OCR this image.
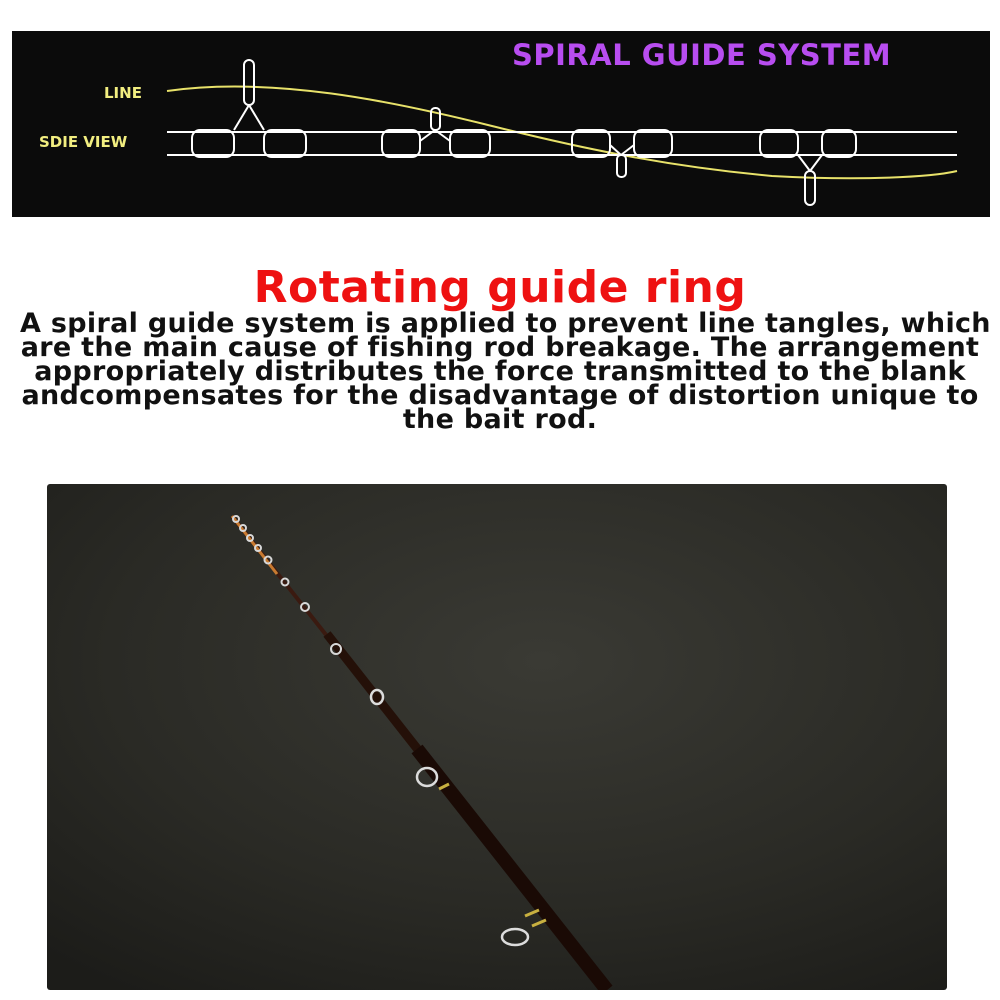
SPIRAL GUIDE SYSTEM
LINE
SDIE VIEW
Rotating guide ring
A spiral guide system is applied to prevent line tangles, which
are the main cause of fishing rod breakage. The arrangement
appropriately distributes the force transmitted to the blank
andcompensates for the disadvantage of distortion unique to
the bait rod.
